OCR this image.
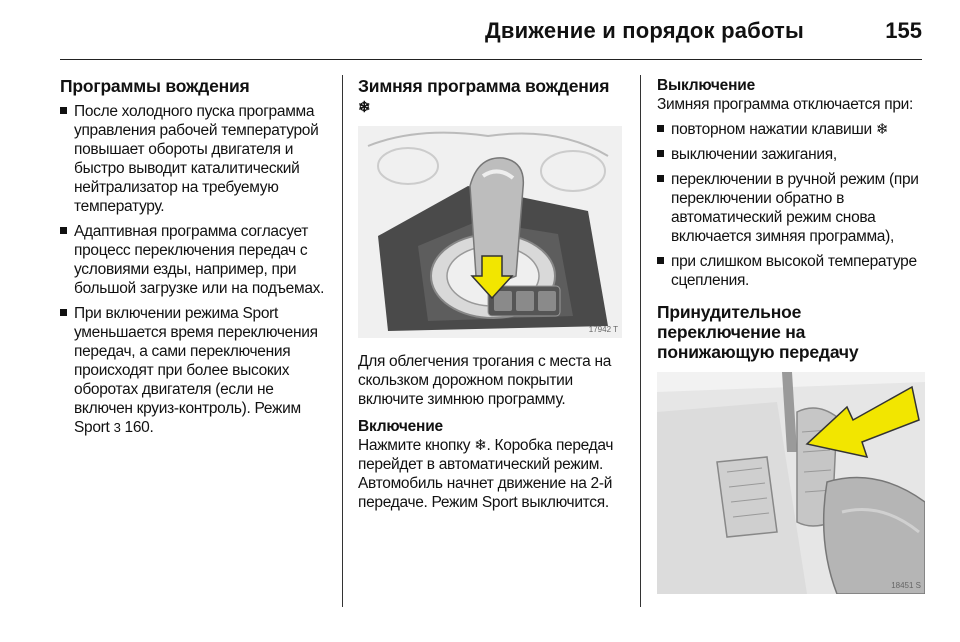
Движение и порядок работы	155
Программы вождения
После холодного пуска программа управления рабочей температурой повышает обороты двигателя и быстро выводит каталитический нейтрализатор на требуемую температуру.
Адаптивная программа согласует процесс переключения передач с условиями езды, например, при большой загрузке или на подъемах.
При включении режима Sport уменьшается время переключения передач, а сами переключения происходят при более высоких оборотах двигателя (если не включен круиз-контроль). Режим Sport 3 160.
Зимняя программа вождения ❄
17942 T

Для облегчения трогания с места на скользком дорожном покрытии включите зимнюю программу.

Включение

Нажмите кнопку ❄. Коробка передач перейдет в автоматический режим. Автомобиль начнет движение на 2-й передаче. Режим Sport выключится.

Выключение

Зимняя программа отключается при:

повторном нажатии клавиши ❄
выключении зажигания,
переключении в ручной режим (при переключении обратно в автоматический режим снова включается зимняя программа),
при слишком высокой температуре сцепления.
Принудительное переключение на понижающую передачу
18451 S
